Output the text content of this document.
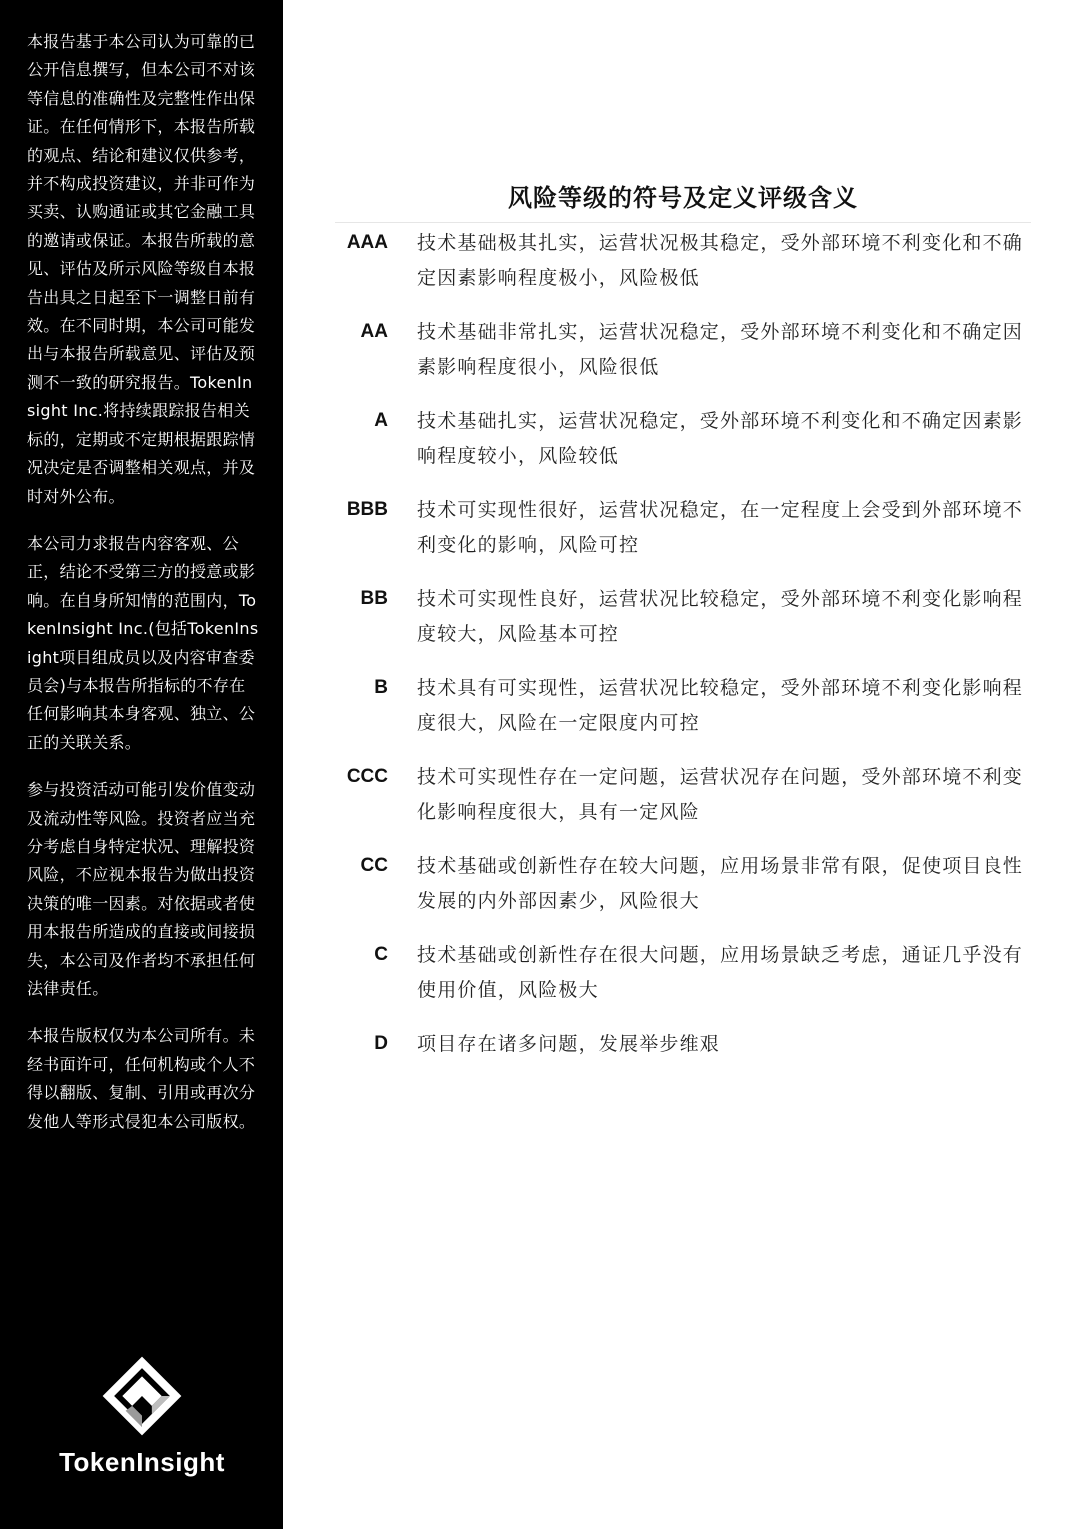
本报告基于本公司认为可靠的已公开信息撰写，但本公司不对该等信息的准确性及完整性作出保证。在任何情形下，本报告所载的观点、结论和建议仅供参考，并不构成投资建议，并非可作为买卖、认购通证或其它金融工具的邀请或保证。本报告所载的意见、评估及所示风险等级自本报告出具之日起至下一调整日前有效。在不同时期，本公司可能发出与本报告所载意见、评估及预测不一致的研究报告。TokenInsight Inc.将持续跟踪报告相关标的，定期或不定期根据跟踪情况决定是否调整相关观点，并及时对外公布。

本公司力求报告内容客观、公正，结论不受第三方的授意或影响。在自身所知情的范围内，TokenInsight Inc.(包括TokenInsight项目组成员以及内容审查委员会)与本报告所指标的不存在任何影响其本身客观、独立、公正的关联关系。

参与投资活动可能引发价值变动及流动性等风险。投资者应当充分考虑自身特定状况、理解投资风险，不应视本报告为做出投资决策的唯一因素。对依据或者使用本报告所造成的直接或间接损失，本公司及作者均不承担任何法律责任。

本报告版权仅为本公司所有。未经书面许可，任何机构或个人不得以翻版、复制、引用或再次分发他人等形式侵犯本公司版权。

TokenInsight
风险等级的符号及定义评级含义
AAA 技术基础极其扎实，运营状况极其稳定，受外部环境不利变化和不确定因素影响程度极小，风险极低
AA 技术基础非常扎实，运营状况稳定，受外部环境不利变化和不确定因素影响程度很小，风险很低
A 技术基础扎实，运营状况稳定，受外部环境不利变化和不确定因素影响程度较小，风险较低
BBB 技术可实现性很好，运营状况稳定，在一定程度上会受到外部环境不利变化的影响，风险可控
BB 技术可实现性良好，运营状况比较稳定，受外部环境不利变化影响程度较大，风险基本可控
B 技术具有可实现性，运营状况比较稳定，受外部环境不利变化影响程度很大，风险在一定限度内可控
CCC 技术可实现性存在一定问题，运营状况存在问题，受外部环境不利变化影响程度很大，具有一定风险
CC 技术基础或创新性存在较大问题，应用场景非常有限，促使项目良性发展的内外部因素少，风险很大
C 技术基础或创新性存在很大问题，应用场景缺乏考虑，通证几乎没有使用价值，风险极大
D 项目存在诸多问题，发展举步维艰
